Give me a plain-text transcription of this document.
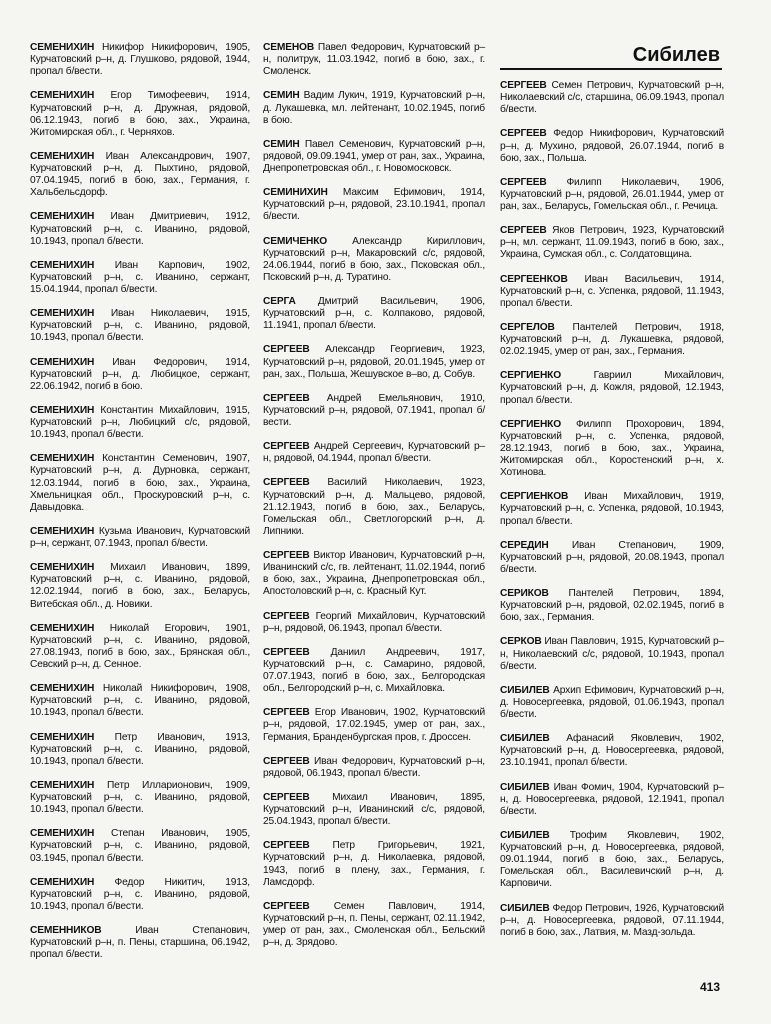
Сибилев
СЕМЕНИХИН Никифор Никифорович, 1905, Курчатовский р–н, д. Глушково, рядовой, 1944, пропал б/вести.
СЕМЕНИХИН Егор Тимофеевич, 1914, Курчатовский р–н, д. Дружная, рядовой, 06.12.1943, погиб в бою, зах., Украина, Житомирская обл., г. Черняхов.
СЕМЕНИХИН Иван Александрович, 1907, Курчатовский р–н, д. Пыхтино, рядовой, 07.04.1945, погиб в бою, зах., Германия, г. Хальбельсдорф.
СЕМЕНИХИН Иван Дмитриевич, 1912, Курчатовский р–н, с. Иванино, рядовой, 10.1943, пропал б/вести.
СЕМЕНИХИН Иван Карпович, 1902, Курчатовский р–н, с. Иванино, сержант, 15.04.1944, пропал б/вести.
СЕМЕНИХИН Иван Николаевич, 1915, Курчатовский р–н, с. Иванино, рядовой, 10.1943, пропал б/вести.
СЕМЕНИХИН Иван Федорович, 1914, Курчатовский р–н, д. Любицкое, сержант, 22.06.1942, погиб в бою.
СЕМЕНИХИН Константин Михайлович, 1915, Курчатовский р–н, Любицкий с/с, рядовой, 10.1943, пропал б/вести.
СЕМЕНИХИН Константин Семенович, 1907, Курчатовский р–н, д. Дурновка, сержант, 12.03.1944, погиб в бою, зах., Украина, Хмельницкая обл., Проскуровский р–н, с. Давыдовка.
СЕМЕНИХИН Кузьма Иванович, Курчатовский р–н, сержант, 07.1943, пропал б/вести.
СЕМЕНИХИН Михаил Иванович, 1899, Курчатовский р–н, с. Иванино, рядовой, 12.02.1944, погиб в бою, зах., Беларусь, Витебская обл., д. Новики.
СЕМЕНИХИН Николай Егорович, 1901, Курчатовский р–н, с. Иванино, рядовой, 27.08.1943, погиб в бою, зах., Брянская обл., Севский р–н, д. Сенное.
СЕМЕНИХИН Николай Никифорович, 1908, Курчатовский р–н, с. Иванино, рядовой, 10.1943, пропал б/вести.
СЕМЕНИХИН Петр Иванович, 1913, Курчатовский р–н, с. Иванино, рядовой, 10.1943, пропал б/вести.
СЕМЕНИХИН Петр Илларионович, 1909, Курчатовский р–н, с. Иванино, рядовой, 10.1943, пропал б/вести.
СЕМЕНИХИН Степан Иванович, 1905, Курчатовский р–н, с. Иванино, рядовой, 03.1945, пропал б/вести.
СЕМЕНИХИН Федор Никитич, 1913, Курчатовский р–н, с. Иванино, рядовой, 10.1943, пропал б/вести.
СЕМЕННИКОВ	Иван Степанович, Курчатовский р–н, п. Пены, старшина, 06.1942, пропал б/вести.
СЕМЕНОВ Павел Федорович, Курчатовский р–н, политрук, 11.03.1942, погиб в бою, зах., г. Смоленск.
СЕМИН Вадим Лукич, 1919, Курчатовский р–н, д. Лукашевка, мл. лейтенант, 10.02.1945, погиб в бою.
СЕМИН Павел Семенович, Курчатовский р–н, рядовой, 09.09.1941, умер от ран, зах., Украина, Днепропетровская обл., г. Новомосковск.
СЕМИНИХИН Максим Ефимович, 1914, Курчатовский р–н, рядовой, 23.10.1941, пропал б/вести.
СЕМИЧЕНКО Александр Кириллович, Курчатовский р–н, Макаровский с/с, рядовой, 24.06.1944, погиб в бою, зах., Псковская обл., Псковский р–н, д. Туратино.
СЕРГА Дмитрий Васильевич, 1906, Курчатовский р–н, с. Колпаково, рядовой, 11.1941, пропал б/вести.
СЕРГЕЕВ Александр Георгиевич, 1923, Курчатовский р–н, рядовой, 20.01.1945, умер от ран, зах., Польша, Жешувское в–во, д. Собув.
СЕРГЕЕВ Андрей Емельянович, 1910, Курчатовский р–н, рядовой, 07.1941, пропал б/вести.
СЕРГЕЕВ Андрей Сергеевич, Курчатовский р–н, рядовой, 04.1944, пропал б/вести.
СЕРГЕЕВ Василий Николаевич, 1923, Курчатовский р–н, д. Мальцево, рядовой, 21.12.1943, погиб в бою, зах., Беларусь, Гомельская обл., Светлогорский р–н, д. Липники.
СЕРГЕЕВ Виктор Иванович, Курчатовский р–н, Иванинский с/с, гв. лейтенант, 11.02.1944, погиб в бою, зах., Украина, Днепропетровская обл., Апостоловский р–н, с. Красный Кут.
СЕРГЕЕВ Георгий Михайлович, Курчатовский р–н, рядовой, 06.1943, пропал б/вести.
СЕРГЕЕВ Даниил Андреевич, 1917, Курчатовский р–н, с. Самарино, рядовой, 07.07.1943, погиб в бою, зах., Белгородская обл., Белгородский р–н, с. Михайловка.
СЕРГЕЕВ Егор Иванович, 1902, Курчатовский р–н, рядовой, 17.02.1945, умер от ран, зах., Германия, Бранденбургская пров, г. Дроссен.
СЕРГЕЕВ Иван Федорович, Курчатовский р–н, рядовой, 06.1943, пропал б/вести.
СЕРГЕЕВ Михаил Иванович, 1895, Курчатовский р–н, Иванинский с/с, рядовой, 25.04.1943, пропал б/вести.
СЕРГЕЕВ Петр Григорьевич, 1921, Курчатовский р–н, д. Николаевка, рядовой, 1943, погиб в плену, зах., Германия, г. Ламсдорф.
СЕРГЕЕВ Семен Павлович, 1914, Курчатовский р–н, п. Пены, сержант, 02.11.1942, умер от ран, зах., Смоленская обл., Бельский р–н, д. Зрядово.
СЕРГЕЕВ Семен Петрович, Курчатовский р–н, Николаевский с/с, старшина, 06.09.1943, пропал б/вести.
СЕРГЕЕВ Федор Никифорович, Курчатовский р–н, д. Мухино, рядовой, 26.07.1944, погиб в бою, зах., Польша.
СЕРГЕЕВ Филипп Николаевич, 1906, Курчатовский р–н, рядовой, 26.01.1944, умер от ран, зах., Беларусь, Гомельская обл., г. Речица.
СЕРГЕЕВ Яков Петрович, 1923, Курчатовский р–н, мл. сержант, 11.09.1943, погиб в бою, зах., Украина, Сумская обл., с. Солдатовщина.
СЕРГЕЕНКОВ Иван Васильевич, 1914, Курчатовский р–н, с. Успенка, рядовой, 11.1943, пропал б/вести.
СЕРГЕЛОВ Пантелей Петрович, 1918, Курчатовский р–н, д. Лукашевка, рядовой, 02.02.1945, умер от ран, зах., Германия.
СЕРГИЕНКО	Гавриил Михайлович, Курчатовский р–н, д. Кожля, рядовой, 12.1943, пропал б/вести.
СЕРГИЕНКО Филипп Прохорович, 1894, Курчатовский р–н, с. Успенка, рядовой, 28.12.1943, погиб в бою, зах., Украина, Житомирская обл., Коростенский р–н, х. Хотинова.
СЕРГИЕНКОВ Иван Михайлович, 1919, Курчатовский р–н, с. Успенка, рядовой, 10.1943, пропал б/вести.
СЕРЕДИН Иван Степанович, 1909, Курчатовский р–н, рядовой, 20.08.1943, пропал б/вести.
СЕРИКОВ Пантелей Петрович, 1894, Курчатовский р–н, рядовой, 02.02.1945, погиб в бою, зах., Германия.
СЕРКОВ Иван Павлович, 1915, Курчатовский р–н, Николаевский с/с, рядовой, 10.1943, пропал б/вести.
СИБИЛЕВ Архип Ефимович, Курчатовский р–н, д. Новосергеевка, рядовой, 01.06.1943, пропал б/вести.
СИБИЛЕВ Афанасий Яковлевич, 1902, Курчатовский р–н, д. Новосергеевка, рядовой, 23.10.1941, пропал б/вести.
СИБИЛЕВ Иван Фомич, 1904, Курчатовский р–н, д. Новосергеевка, рядовой, 12.1941, пропал б/вести.
СИБИЛЕВ Трофим Яковлевич, 1902, Курчатовский р–н, д. Новосергеевка, рядовой, 09.01.1944, погиб в бою, зах., Беларусь, Гомельская обл., Василевичский р–н, д. Карповичи.
СИБИЛЕВ Федор Петрович, 1926, Курчатовский р–н, д. Новосергеевка, рядовой, 07.11.1944, погиб в бою, зах., Латвия, м. Мазд-зольда.
413
